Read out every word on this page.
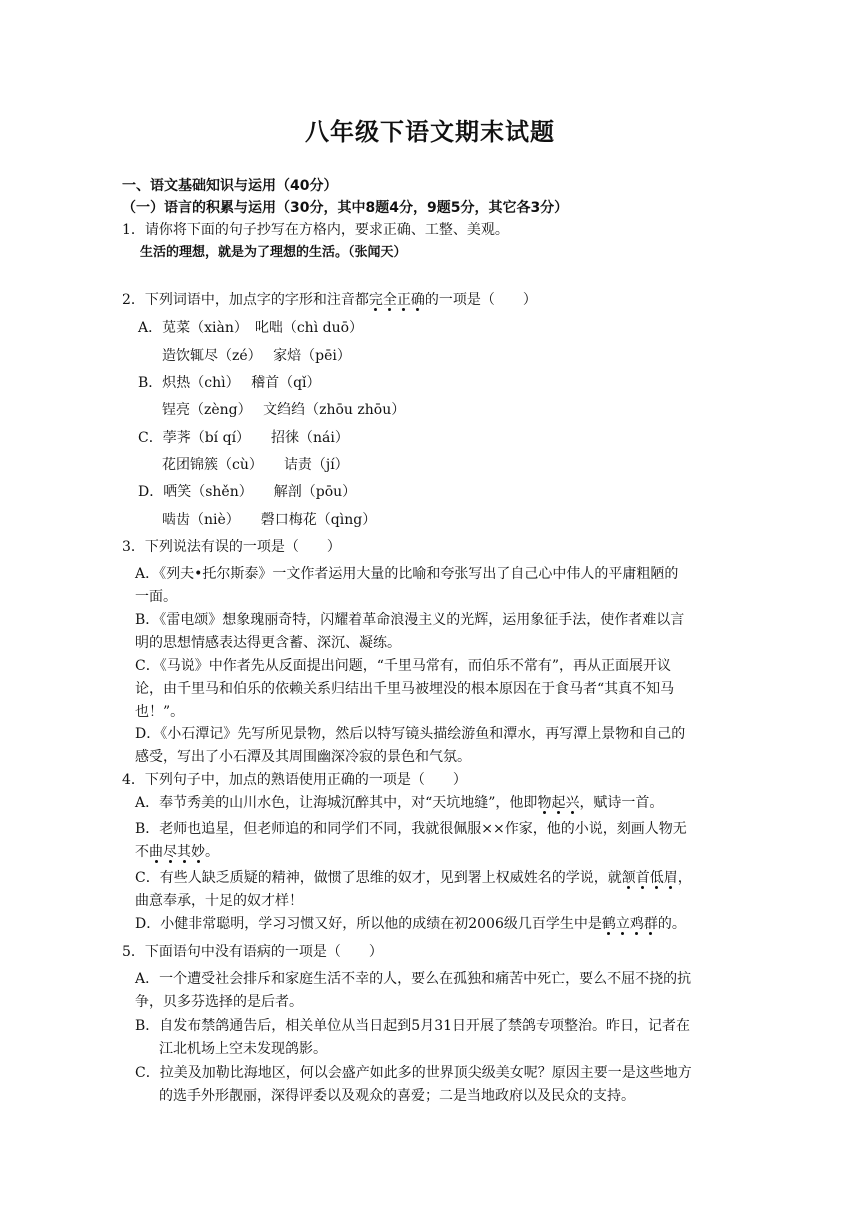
八年级下语文期末试题
一、语文基础知识与运用（40分）
（一）语言的积累与运用（30分，其中8题4分，9题5分，其它各3分）
1．请你将下面的句子抄写在方格内，要求正确、工整、美观。
生活的理想，就是为了理想的生活。（张闻天）
2．下列词语中，加点字的字形和注音都完全正确的一项是（　　）
A．苋菜（xiàn）　叱咄（chì duō）
造饮辄尽（zé）　 家焙（pēi）
B．炽热（chì）　 稽首（qǐ）
锃亮（zèng）　 文绉绉（zhōu zhōu）
C．荸荠（bí qí）　　招徕（nái）
花团锦簇（cù）　　诘责（jí）
D．哂笑（shěn）　　解剖（pōu）
啮齿（niè）　　磬口梅花（qìng）
3．下列说法有误的一项是（　　）
A．《列夫•托尔斯泰》一文作者运用大量的比喻和夸张写出了自己心中伟人的平庸粗陋的
一面。
B．《雷电颂》想象瑰丽奇特，闪耀着革命浪漫主义的光辉，运用象征手法，使作者难以言
明的思想情感表达得更含蓄、深沉、凝练。
C．《马说》中作者先从反面提出问题，“千里马常有，而伯乐不常有”，再从正面展开议
论，由千里马和伯乐的依赖关系归结出千里马被埋没的根本原因在于食马者“其真不知马
也！”。
D．《小石潭记》先写所见景物，然后以特写镜头描绘游鱼和潭水，再写潭上景物和自己的
感受，写出了小石潭及其周围幽深冷寂的景色和气氛。
4．下列句子中，加点的熟语使用正确的一项是（　　）
A．奉节秀美的山川水色，让海城沉醉其中，对“天坑地缝”，他即物起兴，赋诗一首。
B．老师也追星，但老师追的和同学们不同，我就很佩服××作家，他的小说，刻画人物无
不曲尽其妙。
C．有些人缺乏质疑的精神，做惯了思维的奴才，见到署上权威姓名的学说，就颔首低眉，
曲意奉承，十足的奴才样！
D．小健非常聪明，学习习惯又好，所以他的成绩在初2006级几百学生中是鹤立鸡群的。
5．下面语句中没有语病的一项是（　　）
A．一个遭受社会排斥和家庭生活不幸的人，要么在孤独和痛苦中死亡，要么不屈不挠的抗
争，贝多芬选择的是后者。
B．自发布禁鸽通告后，相关单位从当日起到5月31日开展了禁鸽专项整治。昨日，记者在
江北机场上空未发现鸽影。
C．拉美及加勒比海地区，何以会盛产如此多的世界顶尖级美女呢？原因主要一是这些地方
的选手外形靓丽，深得评委以及观众的喜爱；二是当地政府以及民众的支持。
